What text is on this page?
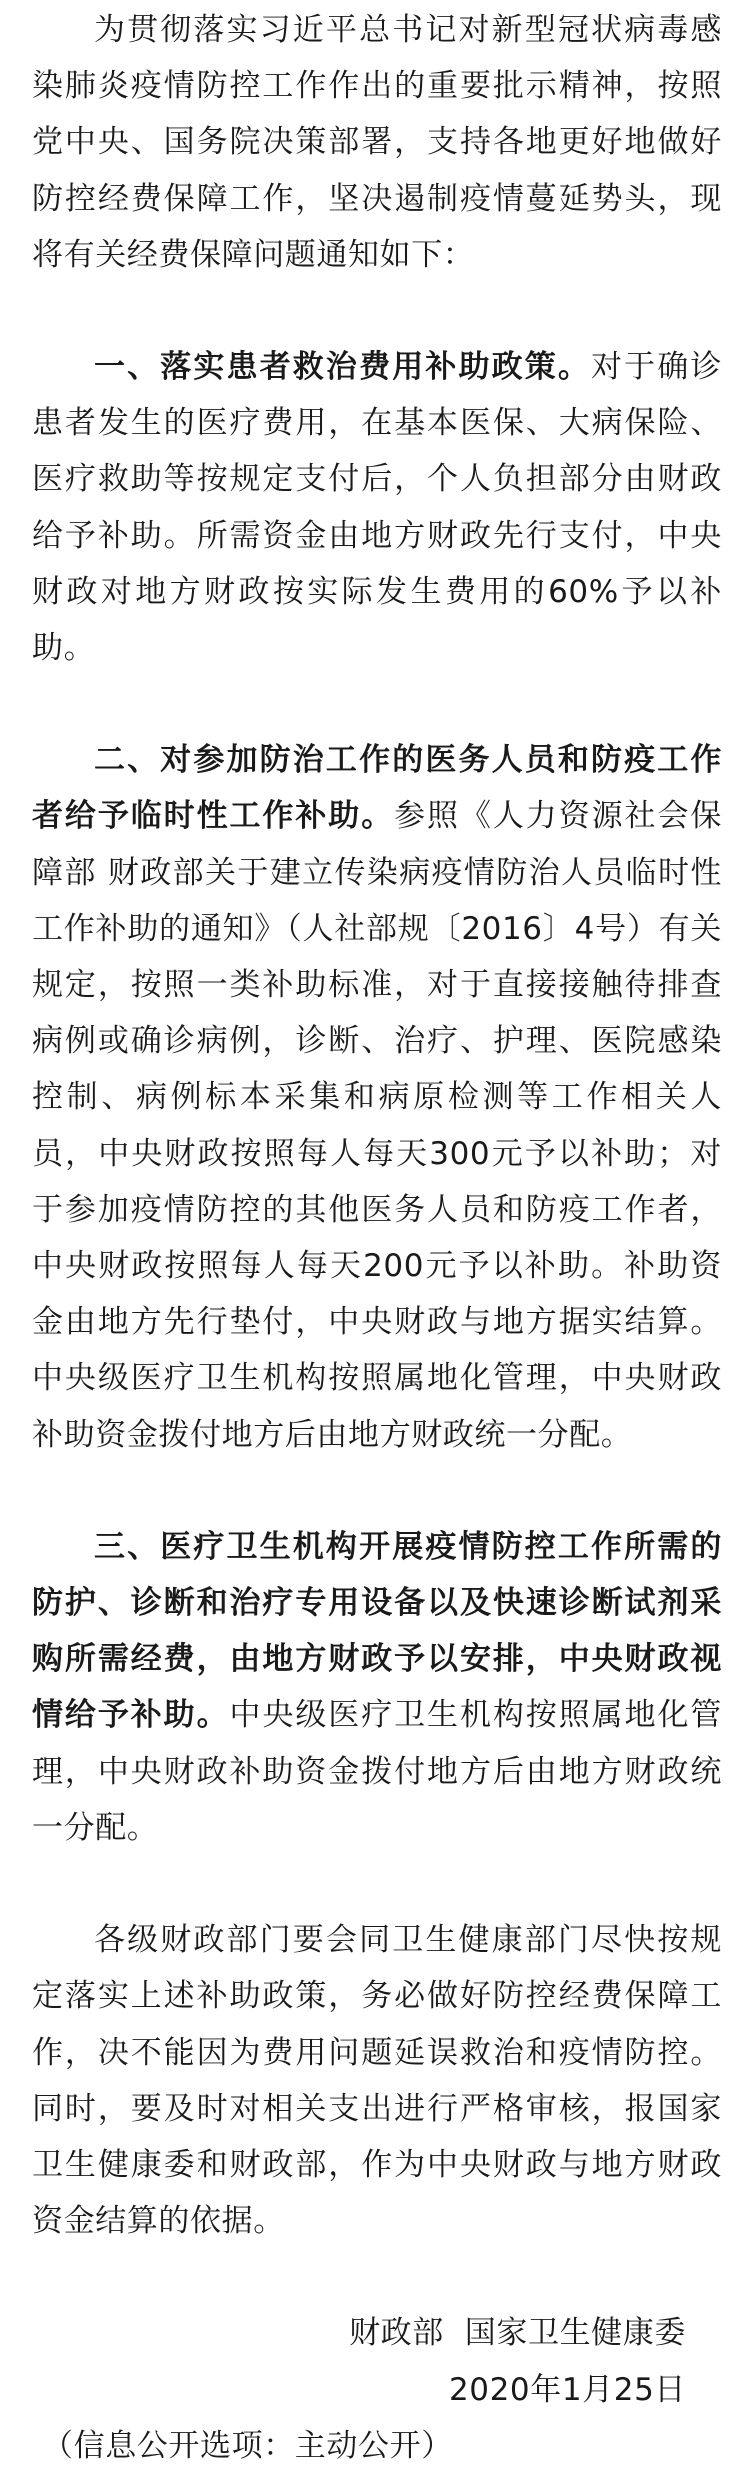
为贯彻落实习近平总书记对新型冠状病毒感染肺炎疫情防控工作作出的重要批示精神，按照党中央、国务院决策部署，支持各地更好地做好防控经费保障工作，坚决遏制疫情蔓延势头，现将有关经费保障问题通知如下：

一、落实患者救治费用补助政策。对于确诊患者发生的医疗费用，在基本医保、大病保险、医疗救助等按规定支付后，个人负担部分由财政给予补助。所需资金由地方财政先行支付，中央财政对地方财政按实际发生费用的60%予以补助。

二、对参加防治工作的医务人员和防疫工作者给予临时性工作补助。参照《人力资源社会保障部 财政部关于建立传染病疫情防治人员临时性工作补助的通知》（人社部规〔2016〕4号）有关规定，按照一类补助标准，对于直接接触待排查病例或确诊病例，诊断、治疗、护理、医院感染控制、病例标本采集和病原检测等工作相关人员，中央财政按照每人每天300元予以补助；对于参加疫情防控的其他医务人员和防疫工作者，中央财政按照每人每天200元予以补助。补助资金由地方先行垫付，中央财政与地方据实结算。中央级医疗卫生机构按照属地化管理，中央财政补助资金拨付地方后由地方财政统一分配。

三、医疗卫生机构开展疫情防控工作所需的防护、诊断和治疗专用设备以及快速诊断试剂采购所需经费，由地方财政予以安排，中央财政视情给予补助。中央级医疗卫生机构按照属地化管理，中央财政补助资金拨付地方后由地方财政统一分配。

各级财政部门要会同卫生健康部门尽快按规定落实上述补助政策，务必做好防控经费保障工作，决不能因为费用问题延误救治和疫情防控。同时，要及时对相关支出进行严格审核，报国家卫生健康委和财政部，作为中央财政与地方财政资金结算的依据。

财政部  国家卫生健康委

2020年1月25日

（信息公开选项：主动公开）
